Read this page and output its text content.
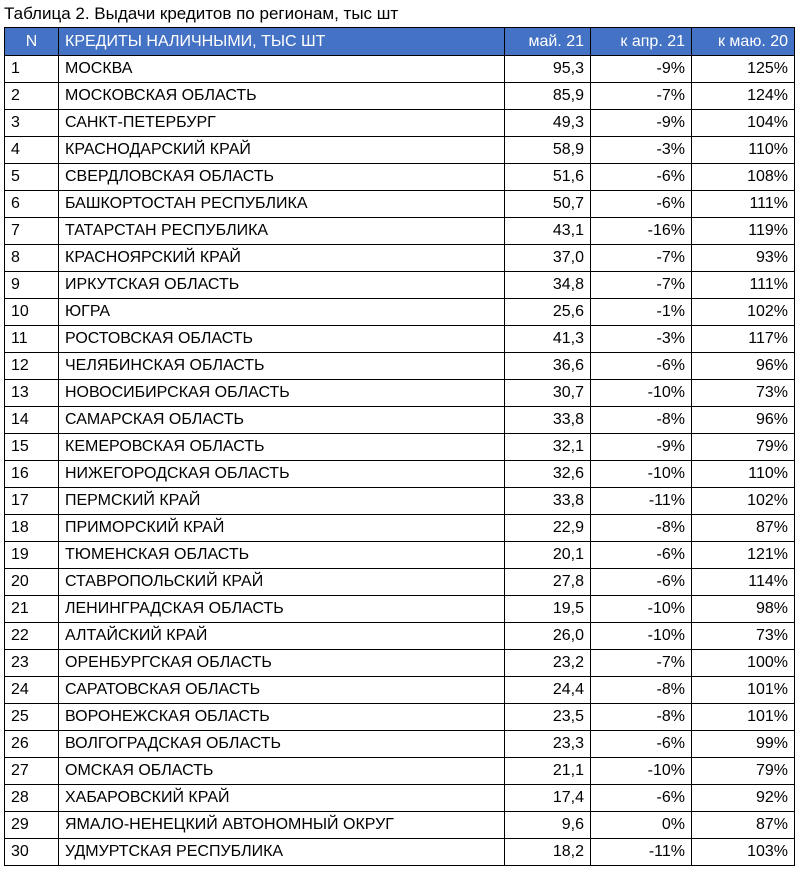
Таблица 2. Выдачи кредитов по регионам, тыс шт
N	КРЕДИТЫ НАЛИЧНЫМИ, ТЫС ШТ	май. 21	к апр. 21	к маю. 20
1	МОСКВА	95,3	-9%	125%
2	МОСКОВСКАЯ ОБЛАСТЬ	85,9	-7%	124%
3	САНКТ-ПЕТЕРБУРГ	49,3	-9%	104%
4	КРАСНОДАРСКИЙ КРАЙ	58,9	-3%	110%
5	СВЕРДЛОВСКАЯ ОБЛАСТЬ	51,6	-6%	108%
6	БАШКОРТОСТАН РЕСПУБЛИКА	50,7	-6%	111%
7	ТАТАРСТАН РЕСПУБЛИКА	43,1	-16%	119%
8	КРАСНОЯРСКИЙ КРАЙ	37,0	-7%	93%
9	ИРКУТСКАЯ ОБЛАСТЬ	34,8	-7%	111%
10	ЮГРА	25,6	-1%	102%
11	РОСТОВСКАЯ ОБЛАСТЬ	41,3	-3%	117%
12	ЧЕЛЯБИНСКАЯ ОБЛАСТЬ	36,6	-6%	96%
13	НОВОСИБИРСКАЯ ОБЛАСТЬ	30,7	-10%	73%
14	САМАРСКАЯ ОБЛАСТЬ	33,8	-8%	96%
15	КЕМЕРОВСКАЯ ОБЛАСТЬ	32,1	-9%	79%
16	НИЖЕГОРОДСКАЯ ОБЛАСТЬ	32,6	-10%	110%
17	ПЕРМСКИЙ КРАЙ	33,8	-11%	102%
18	ПРИМОРСКИЙ КРАЙ	22,9	-8%	87%
19	ТЮМЕНСКАЯ ОБЛАСТЬ	20,1	-6%	121%
20	СТАВРОПОЛЬСКИЙ КРАЙ	27,8	-6%	114%
21	ЛЕНИНГРАДСКАЯ ОБЛАСТЬ	19,5	-10%	98%
22	АЛТАЙСКИЙ КРАЙ	26,0	-10%	73%
23	ОРЕНБУРГСКАЯ ОБЛАСТЬ	23,2	-7%	100%
24	САРАТОВСКАЯ ОБЛАСТЬ	24,4	-8%	101%
25	ВОРОНЕЖСКАЯ ОБЛАСТЬ	23,5	-8%	101%
26	ВОЛГОГРАДСКАЯ ОБЛАСТЬ	23,3	-6%	99%
27	ОМСКАЯ ОБЛАСТЬ	21,1	-10%	79%
28	ХАБАРОВСКИЙ КРАЙ	17,4	-6%	92%
29	ЯМАЛО-НЕНЕЦКИЙ АВТОНОМНЫЙ ОКРУГ	9,6	0%	87%
30	УДМУРТСКАЯ РЕСПУБЛИКА	18,2	-11%	103%
